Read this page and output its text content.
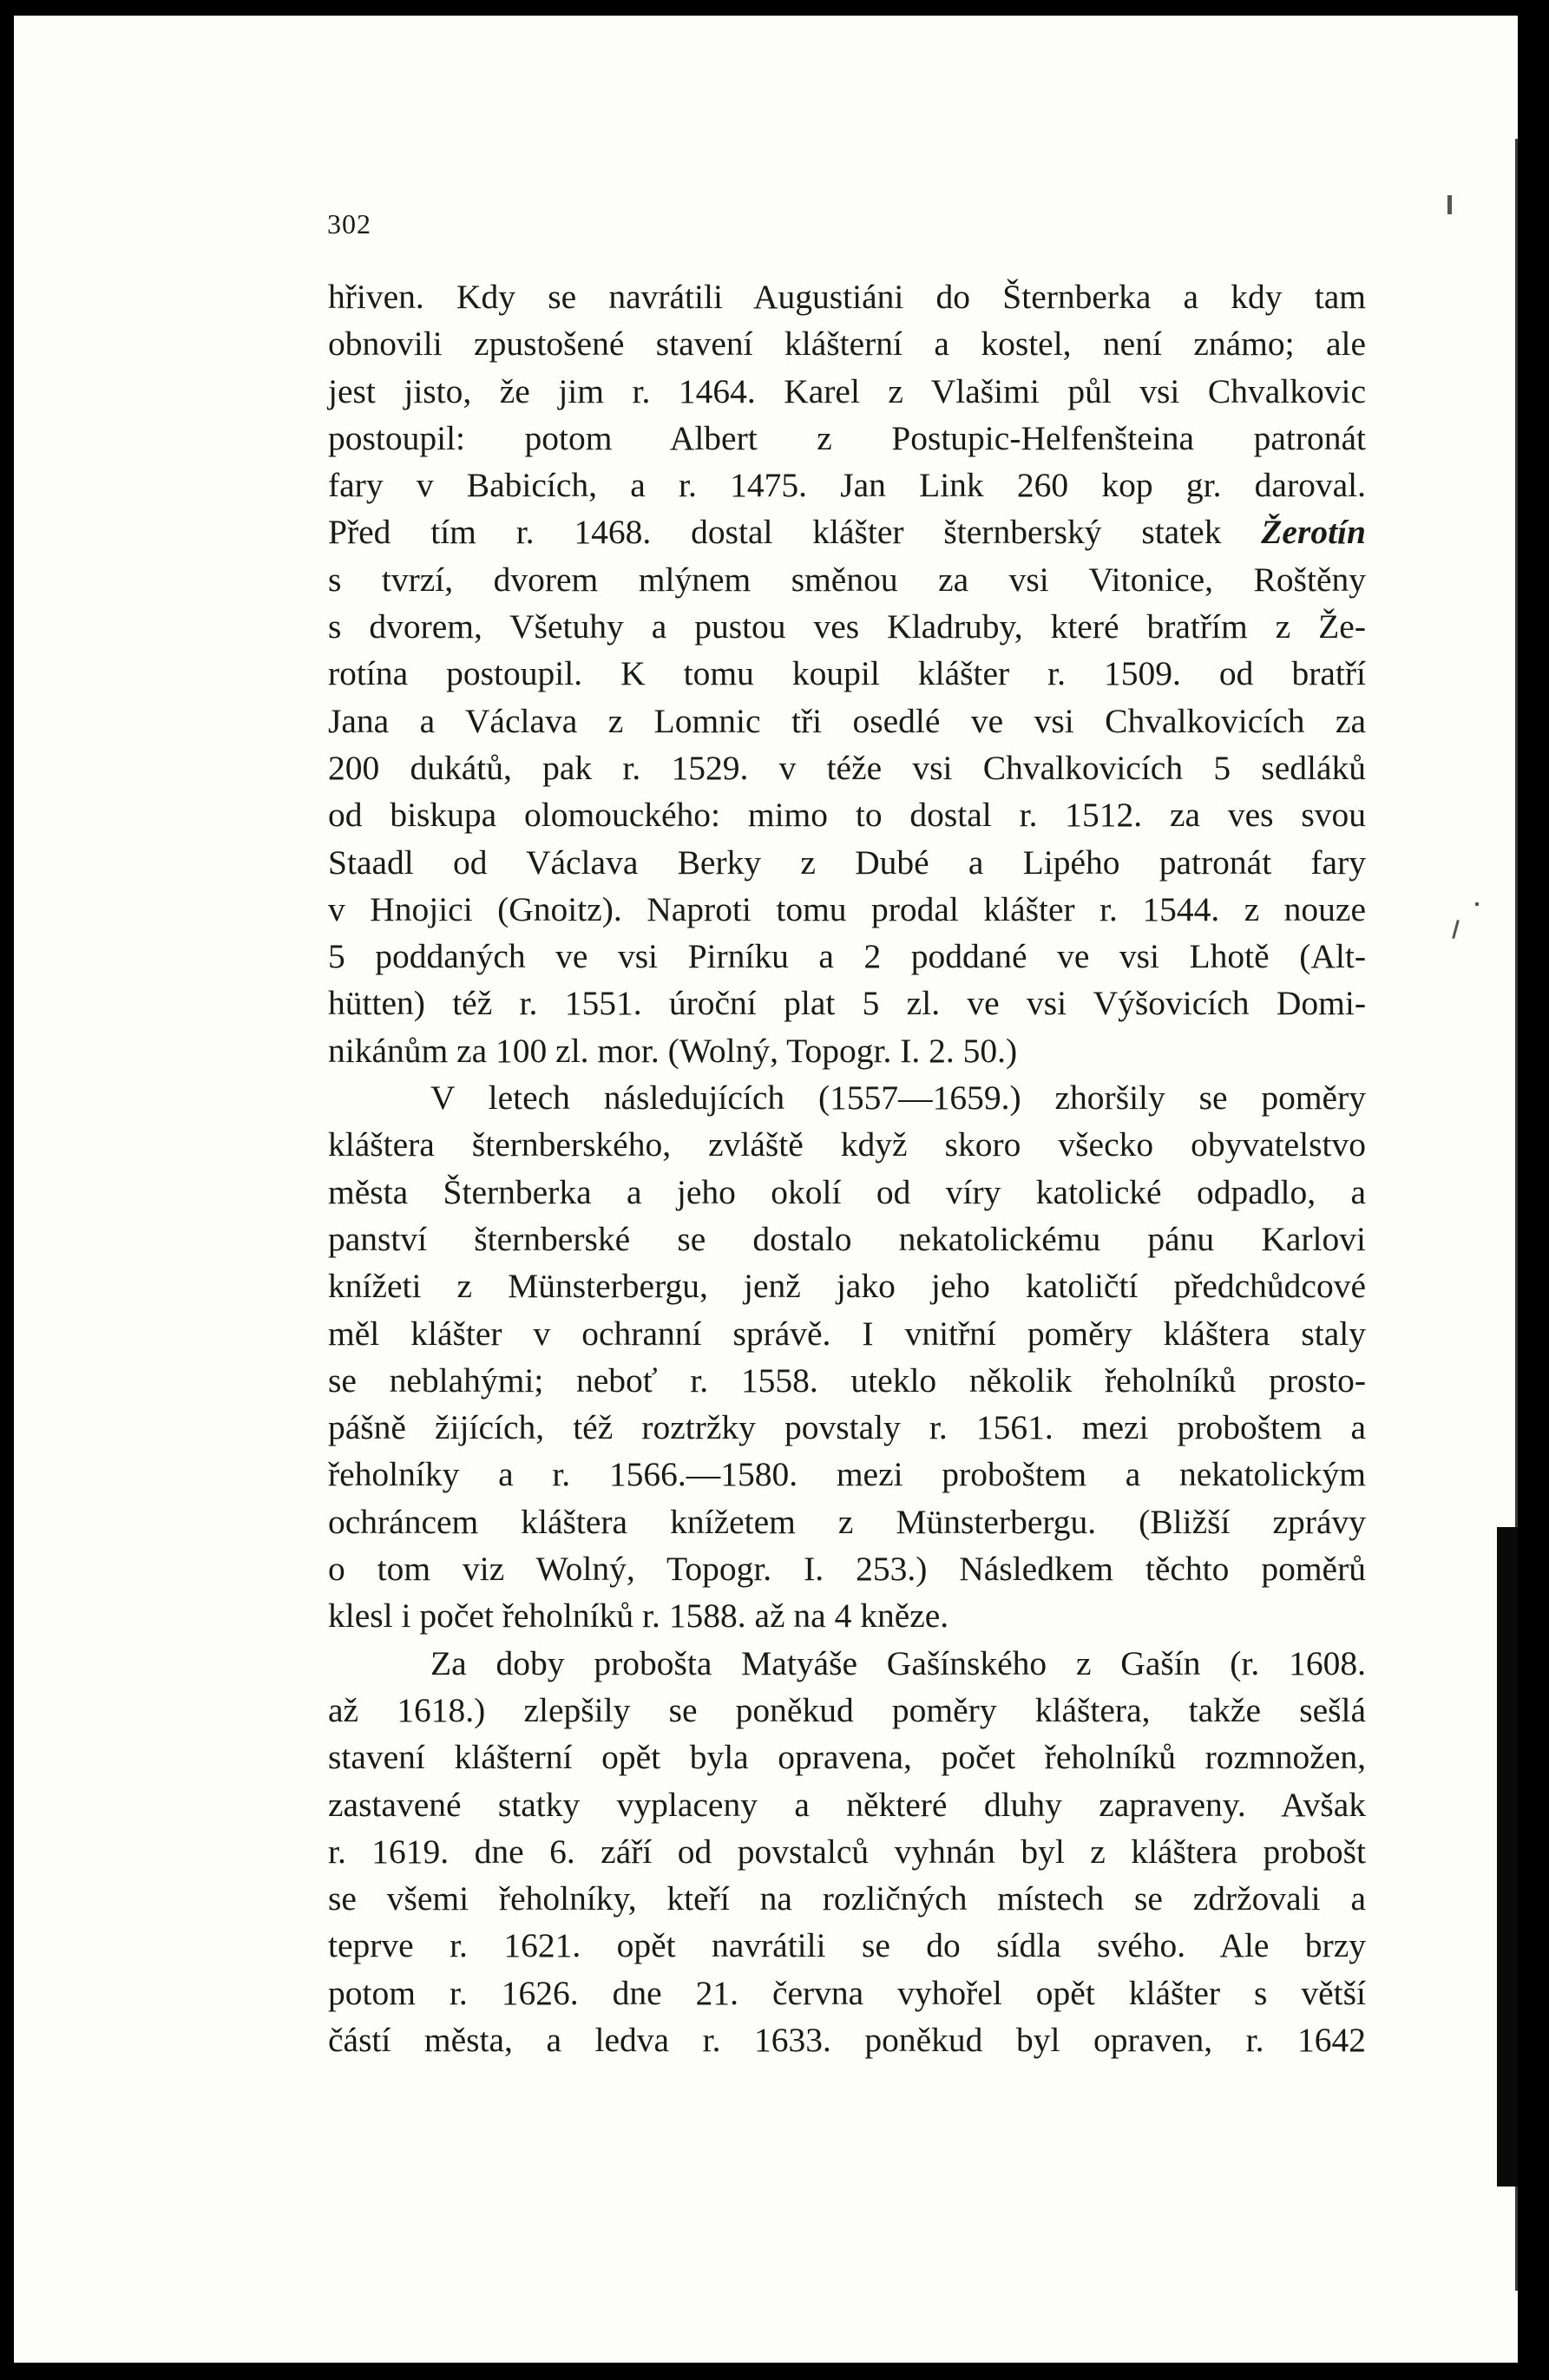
302
hřiven. Kdy se navrátili Augustiáni do Šternberka a kdy tam
obnovili zpustošené stavení klášterní a kostel, není známo; ale
jest jisto, že jim r. 1464. Karel z Vlašimi půl vsi Chvalkovic
postoupil: potom Albert z Postupic-Helfenšteina patronát
fary v Babicích, a r. 1475. Jan Link 260 kop gr. daroval.
Před tím r. 1468. dostal klášter šternberský statek Žerotín
s tvrzí, dvorem mlýnem směnou za vsi Vitonice, Roštěny
s dvorem, Všetuhy a pustou ves Kladruby, které bratřím z Že-
rotína postoupil. K tomu koupil klášter r. 1509. od bratří
Jana a Václava z Lomnic tři osedlé ve vsi Chvalkovicích za
200 dukátů, pak r. 1529. v téže vsi Chvalkovicích 5 sedláků
od biskupa olomouckého: mimo to dostal r. 1512. za ves svou
Staadl od Václava Berky z Dubé a Lipého patronát fary
v Hnojici (Gnoitz). Naproti tomu prodal klášter r. 1544. z nouze
5 poddaných ve vsi Pirníku a 2 poddané ve vsi Lhotě (Alt-
hütten) též r. 1551. úroční plat 5 zl. ve vsi Výšovicích Domi-
nikánům za 100 zl. mor. (Wolný, Topogr. I. 2. 50.)
V letech následujících (1557—1659.) zhoršily se poměry
kláštera šternberského, zvláště když skoro všecko obyvatelstvo
města Šternberka a jeho okolí od víry katolické odpadlo, a
panství šternberské se dostalo nekatolickému pánu Karlovi
knížeti z Münsterbergu, jenž jako jeho katoličtí předchůdcové
měl klášter v ochranní správě. I vnitřní poměry kláštera staly
se neblahými; neboť r. 1558. uteklo několik řeholníků prosto-
pášně žijících, též roztržky povstaly r. 1561. mezi proboštem a
řeholníky a r. 1566.—1580. mezi proboštem a nekatolickým
ochráncem kláštera knížetem z Münsterbergu. (Bližší zprávy
o tom viz Wolný, Topogr. I. 253.) Následkem těchto poměrů
klesl i počet řeholníků r. 1588. až na 4 kněze.
Za doby probošta Matyáše Gašínského z Gašín (r. 1608.
až 1618.) zlepšily se poněkud poměry kláštera, takže sešlá
stavení klášterní opět byla opravena, počet řeholníků rozmnožen,
zastavené statky vyplaceny a některé dluhy zapraveny. Avšak
r. 1619. dne 6. září od povstalců vyhnán byl z kláštera probošt
se všemi řeholníky, kteří na rozličných místech se zdržovali a
teprve r. 1621. opět navrátili se do sídla svého. Ale brzy
potom r. 1626. dne 21. června vyhořel opět klášter s větší
částí města, a ledva r. 1633. poněkud byl opraven, r. 1642
